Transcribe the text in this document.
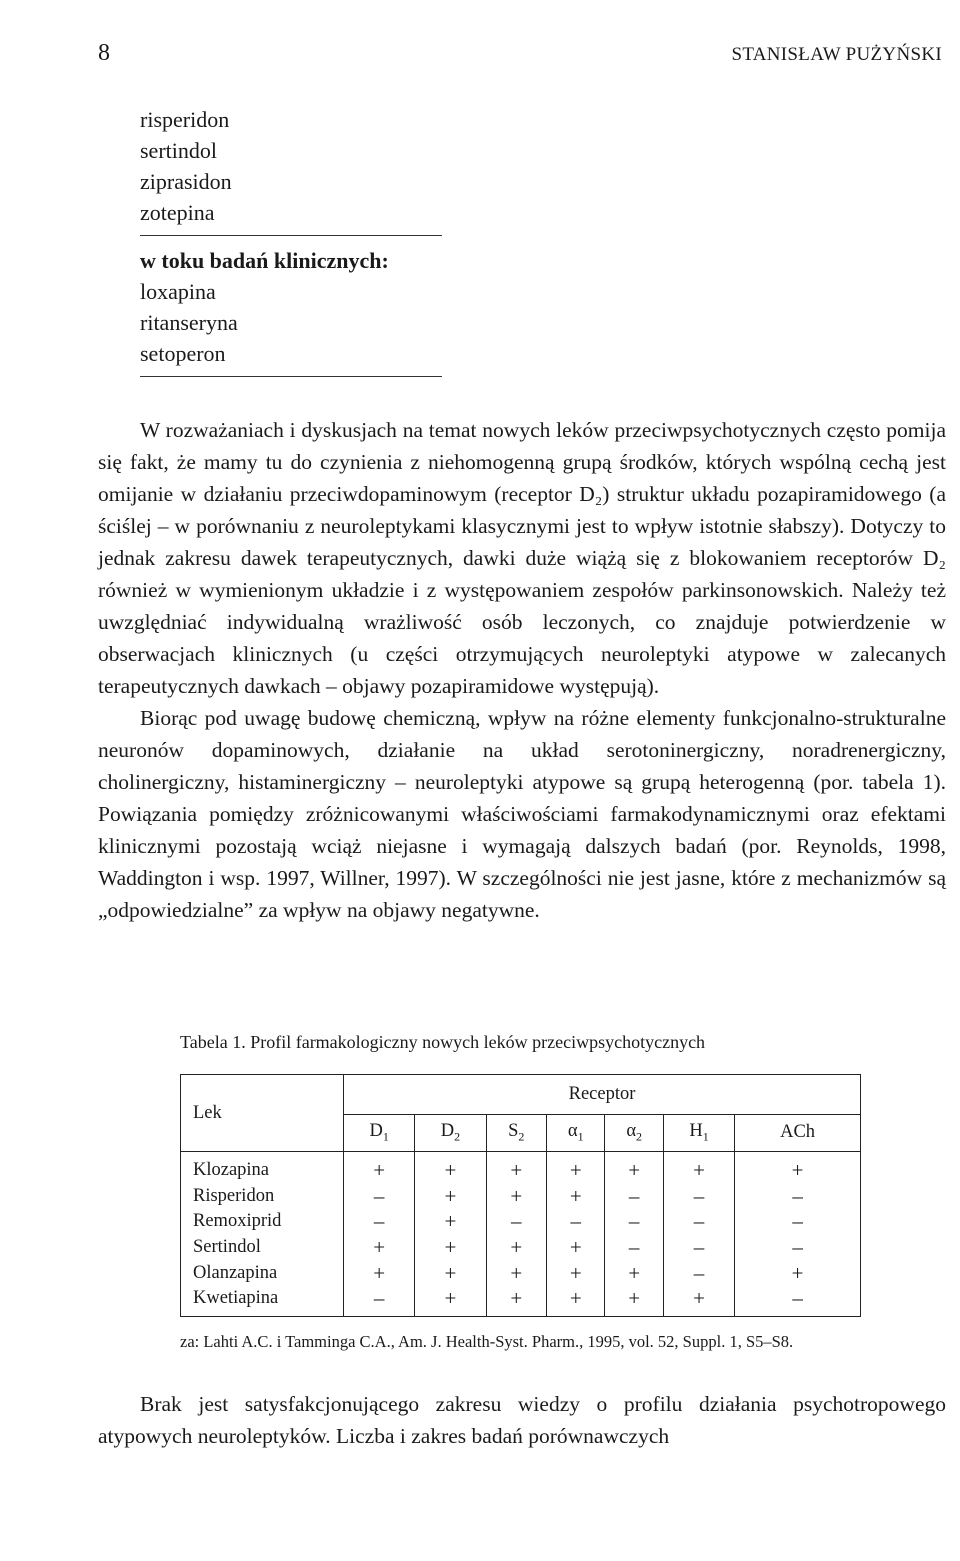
8	STANISŁAW PUŻYŃSKI
risperidon
sertindol
ziprasidon
zotepina
w toku badań klinicznych:
loxapina
ritanseryna
setoperon

W rozważaniach i dyskusjach na temat nowych leków przeciwpsychotycznych często pomija się fakt, że mamy tu do czynienia z niehomogenną grupą środków, których wspólną cechą jest omijanie w działaniu przeciwdopaminowym (receptor D₂) struktur układu pozapiramidowego (a ściślej – w porównaniu z neuroleptykami klasycznymi jest to wpływ istotnie słabszy). Dotyczy to jednak zakresu dawek terapeutycznych, dawki duże wiążą się z blokowaniem receptorów D₂ również w wymienionym układzie i z występowaniem zespołów parkinsonowskich. Należy też uwzględniać indywidualną wrażliwość osób leczonych, co znajduje potwierdzenie w obserwacjach klinicznych (u części otrzymujących neuroleptyki atypowe w zalecanych terapeutycznych dawkach – objawy pozapiramidowe występują).

Biorąc pod uwagę budowę chemiczną, wpływ na różne elementy funkcjonalno-strukturalne neuronów dopaminowych, działanie na układ serotoninergiczny, noradrenergiczny, cholinergiczny, histaminergiczny – neuroleptyki atypowe są grupą heterogenną (por. tabela 1). Powiązania pomiędzy zróżnicowanymi właściwościami farmakodynamicznymi oraz efektami klinicznymi pozostają wciąż niejasne i wymagają dalszych badań (por. Reynolds, 1998, Waddington i wsp. 1997, Willner, 1997). W szczególności nie jest jasne, które z mechanizmów są „odpowiedzialne” za wpływ na objawy negatywne.

Tabela 1. Profil farmakologiczny nowych leków przeciwpsychotycznych
Lek	Receptor						
	$D_1$	$D_2$	$S_2$	$\alpha_1$	$\alpha_2$	$H_1$	ACh
Klozapina	+	+	+	+	+	+	+
Risperidon	–	+	+	+	–	–	–
Remoxiprid	–	+	–	–	–	–	–
Sertindol	+	+	+	+	–	–	–
Olanzapina	+	+	+	+	+	–	+
Kwetiapina	–	+	+	+	+	+	–
za: Lahti A.C. i Tamminga C.A., Am. J. Health-Syst. Pharm., 1995, vol. 52, Suppl. 1, S5–S8.

Brak jest satysfakcjonującego zakresu wiedzy o profilu działania psychotropowego atypowych neuroleptyków. Liczba i zakres badań porównawczych
